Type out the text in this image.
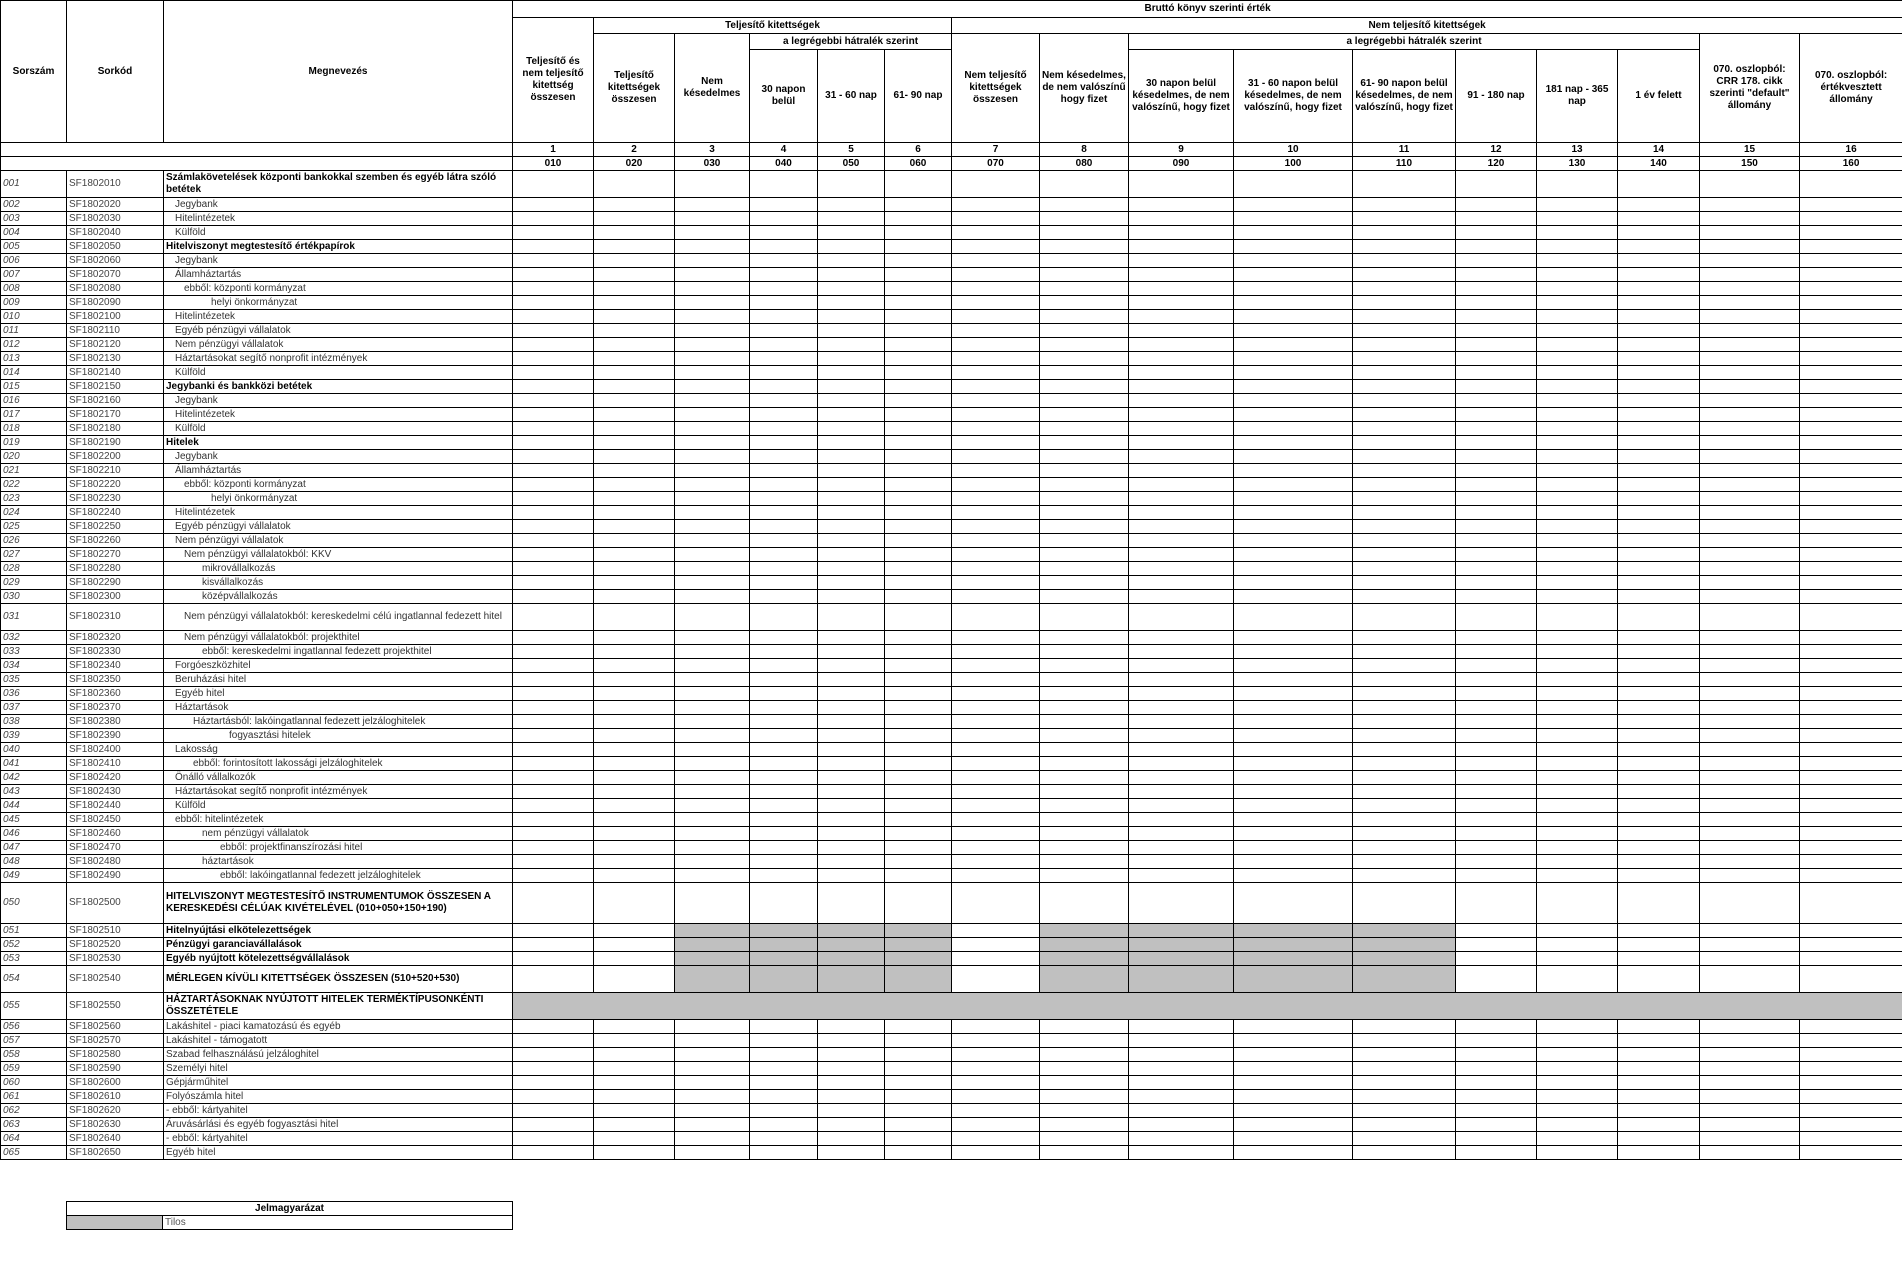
Sorszám	Sorkód	Megnevezés	Bruttó könyv szerinti érték															
			Teljesítő és nem teljesítő kitettség összesen	Teljesítő kitettségek					Nem teljesítő kitettségek									
				Teljesítő kitettségek összesen	Nem késedelmes	a legrégebbi hátralék szerint			Nem teljesítő kitettségek összesen	Nem késedelmes, de nem valószínű hogy fizet	a legrégebbi hátralék szerint						070. oszlopból: CRR 178. cikk szerinti "default" állomány	070. oszlopból: értékvesztett állomány
						30 napon belül	31 - 60 nap	61- 90 nap			30 napon belül késedelmes, de nem valószínű, hogy fizet	31 - 60 napon belül késedelmes, de nem valószínű, hogy fizet	61- 90 napon belül késedelmes, de nem valószínű, hogy fizet	91 - 180 nap	181 nap - 365 nap	1 év felett		
			1	2	3	4	5	6	7	8	9	10	11	12	13	14	15	16
			010	020	030	040	050	060	070	080	090	100	110	120	130	140	150	160
001	SF1802010	Számlakövetelések központi bankokkal szemben és egyéb látra szóló betétek																
002	SF1802020	Jegybank																
003	SF1802030	Hitelintézetek																
004	SF1802040	Külföld																
005	SF1802050	Hitelviszonyt megtestesítő értékpapírok																
006	SF1802060	Jegybank																
007	SF1802070	Államháztartás																
008	SF1802080	ebből: központi kormányzat																
009	SF1802090	helyi önkormányzat																
010	SF1802100	Hitelintézetek																
011	SF1802110	Egyéb pénzügyi vállalatok																
012	SF1802120	Nem pénzügyi vállalatok																
013	SF1802130	Háztartásokat segítő nonprofit intézmények																
014	SF1802140	Külföld																
015	SF1802150	Jegybanki és bankközi betétek																
016	SF1802160	Jegybank																
017	SF1802170	Hitelintézetek																
018	SF1802180	Külföld																
019	SF1802190	Hitelek																
020	SF1802200	Jegybank																
021	SF1802210	Államháztartás																
022	SF1802220	ebből: központi kormányzat																
023	SF1802230	helyi önkormányzat																
024	SF1802240	Hitelintézetek																
025	SF1802250	Egyéb pénzügyi vállalatok																
026	SF1802260	Nem pénzügyi vállalatok																
027	SF1802270	Nem pénzügyi vállalatokból: KKV																
028	SF1802280	mikrovállalkozás																
029	SF1802290	kisvállalkozás																
030	SF1802300	középvállalkozás																
031	SF1802310	Nem pénzügyi vállalatokból: kereskedelmi célú ingatlannal fedezett hitel																
032	SF1802320	Nem pénzügyi vállalatokból: projekthitel																
033	SF1802330	ebből: kereskedelmi ingatlannal fedezett projekthitel																
034	SF1802340	Forgóeszközhitel																
035	SF1802350	Beruházási hitel																
036	SF1802360	Egyéb hitel																
037	SF1802370	Háztartások																
038	SF1802380	Háztartásból: lakóingatlannal fedezett jelzáloghitelek																
039	SF1802390	fogyasztási hitelek																
040	SF1802400	Lakosság																
041	SF1802410	ebből: forintosított lakossági jelzáloghitelek																
042	SF1802420	Önálló vállalkozók																
043	SF1802430	Háztartásokat segítő nonprofit intézmények																
044	SF1802440	Külföld																
045	SF1802450	ebből: hitelintézetek																
046	SF1802460	nem pénzügyi vállalatok																
047	SF1802470	ebből: projektfinanszírozási hitel																
048	SF1802480	háztartások																
049	SF1802490	ebből: lakóingatlannal fedezett jelzáloghitelek																
050	SF1802500	HITELVISZONYT MEGTESTESÍTŐ INSTRUMENTUMOK ÖSSZESEN A KERESKEDÉSI CÉLÚAK KIVÉTELÉVEL (010+050+150+190)																
051	SF1802510	Hitelnyújtási elkötelezettségek																
052	SF1802520	Pénzügyi garanciavállalások																
053	SF1802530	Egyéb nyújtott kötelezettségvállalások																
054	SF1802540	MÉRLEGEN KÍVÜLI KITETTSÉGEK ÖSSZESEN (510+520+530)																
055	SF1802550	HÁZTARTÁSOKNAK NYÚJTOTT HITELEK TERMÉKTÍPUSONKÉNTI ÖSSZETÉTELE																
056	SF1802560	Lakáshitel - piaci kamatozású és egyéb																
057	SF1802570	Lakáshitel - támogatott																
058	SF1802580	Szabad felhasználású jelzáloghitel																
059	SF1802590	Személyi hitel																
060	SF1802600	Gépjárműhitel																
061	SF1802610	Folyószámla hitel																
062	SF1802620	- ebből: kártyahitel																
063	SF1802630	Áruvásárlási és egyéb fogyasztási hitel																
064	SF1802640	- ebből: kártyahitel																
065	SF1802650	Egyéb hitel																
Jelmagyarázat
	Tilos
